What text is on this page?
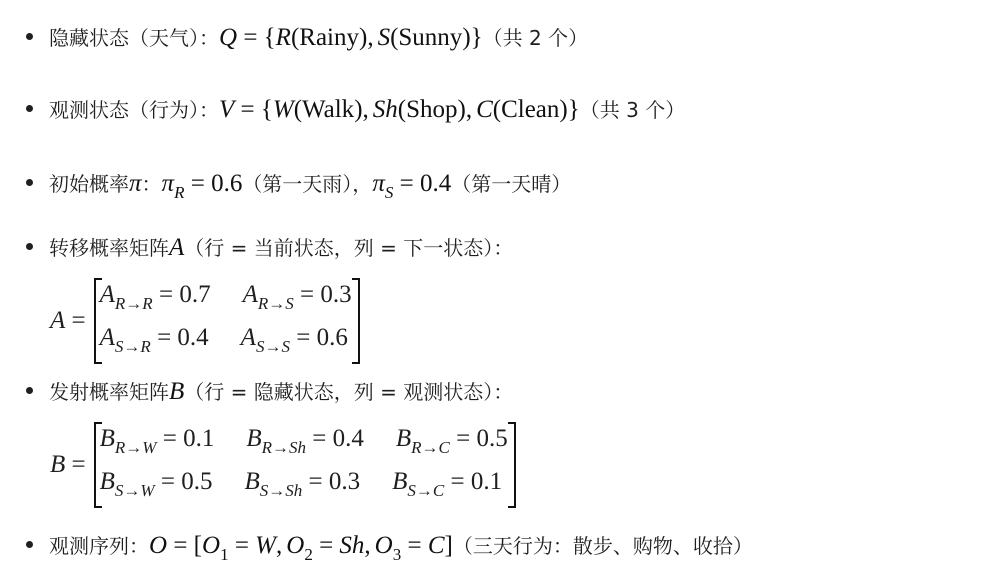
隐藏状态（天气）： Q = {R(Rainy), S(Sunny)} （共 2 个）
观测状态（行为）： V = {W(Walk), Sh(Shop), C(Clean)} （共 3 个）
初始概率 π ： $\pi_R = 0.6$ （第一天雨）， $\pi_S = 0.4$ （第一天晴）
转移概率矩阵 A （行 = 当前状态，列 = 下一状态）：
A =
$A_{R\to R} = 0.7$ $A_{R\to S} = 0.3$
$A_{S\to R} = 0.4$ $A_{S\to S} = 0.6$
发射概率矩阵 B （行 = 隐藏状态，列 = 观测状态）：
B =
$B_{R\to W} = 0.1$ $B_{R\to Sh} = 0.4$ $B_{R\to C} = 0.5$
$B_{S\to W} = 0.5$ $B_{S\to Sh} = 0.3$ $B_{S\to C} = 0.1$
观测序列： $O = [O_1 = W$, $O_2 = Sh$, $O_3 = C$] （三天行为：散步、购物、收拾）
